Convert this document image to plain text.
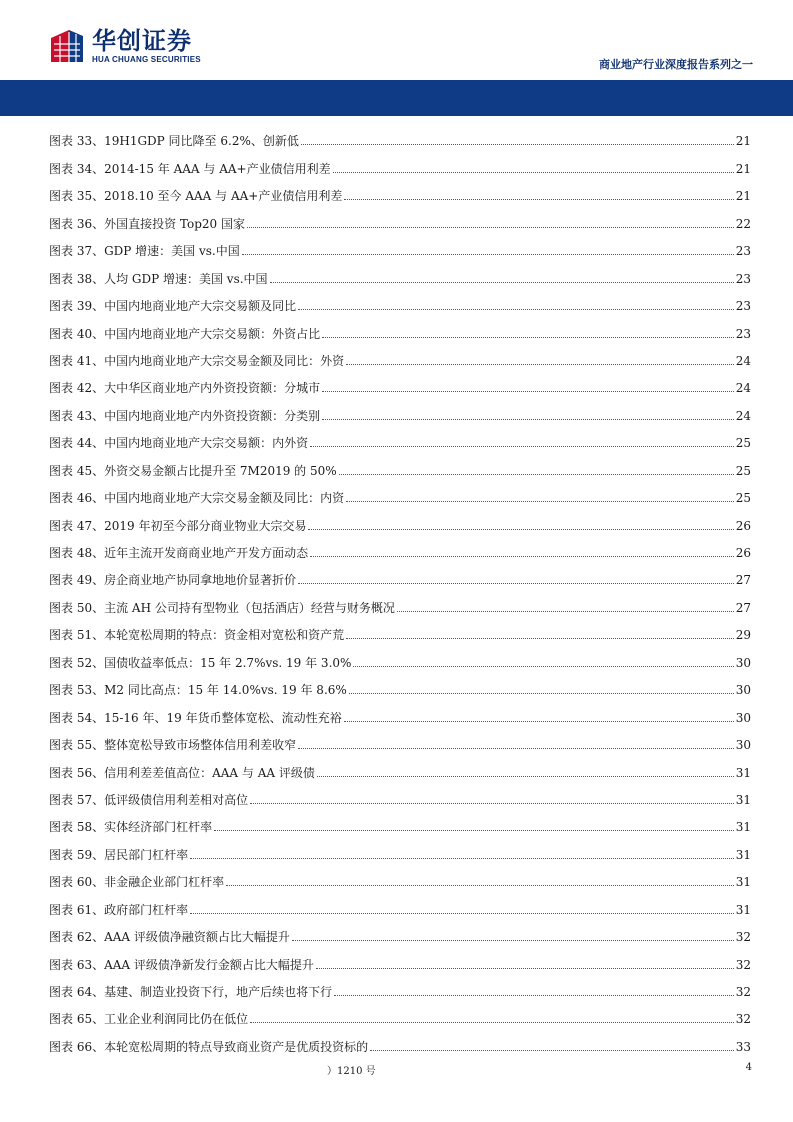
华创证券
HUA CHUANG SECURITIES	商业地产行业深度报告系列之一
图表 33、19H1GDP 同比降至 6.2%、创新低	21
图表 34、2014-15 年 AAA 与 AA+产业债信用利差	21
图表 35、2018.10 至今 AAA 与 AA+产业债信用利差	21
图表 36、外国直接投资 Top20 国家	22
图表 37、GDP 增速：美国 vs.中国	23
图表 38、人均 GDP 增速：美国 vs.中国	23
图表 39、中国内地商业地产大宗交易额及同比	23
图表 40、中国内地商业地产大宗交易额：外资占比	23
图表 41、中国内地商业地产大宗交易金额及同比：外资	24
图表 42、大中华区商业地产内外资投资额：分城市	24
图表 43、中国内地商业地产内外资投资额：分类别	24
图表 44、中国内地商业地产大宗交易额：内外资	25
图表 45、外资交易金额占比提升至 7M2019 的 50%	25
图表 46、中国内地商业地产大宗交易金额及同比：内资	25
图表 47、2019 年初至今部分商业物业大宗交易	26
图表 48、近年主流开发商商业地产开发方面动态	26
图表 49、房企商业地产协同拿地地价显著折价	27
图表 50、主流 AH 公司持有型物业（包括酒店）经营与财务概况	27
图表 51、本轮宽松周期的特点：资金相对宽松和资产荒	29
图表 52、国债收益率低点：15 年 2.7%vs. 19 年 3.0%	30
图表 53、M2 同比高点：15 年 14.0%vs. 19 年 8.6%	30
图表 54、15-16 年、19 年货币整体宽松、流动性充裕	30
图表 55、整体宽松导致市场整体信用利差收窄	30
图表 56、信用利差差值高位：AAA 与 AA 评级债	31
图表 57、低评级债信用利差相对高位	31
图表 58、实体经济部门杠杆率	31
图表 59、居民部门杠杆率	31
图表 60、非金融企业部门杠杆率	31
图表 61、政府部门杠杆率	31
图表 62、AAA 评级债净融资额占比大幅提升	32
图表 63、AAA 评级债净新发行金额占比大幅提升	32
图表 64、基建、制造业投资下行，地产后续也将下行	32
图表 65、工业企业利润同比仍在低位	32
图表 66、本轮宽松周期的特点导致商业资产是优质投资标的	33
）1210 号	4
